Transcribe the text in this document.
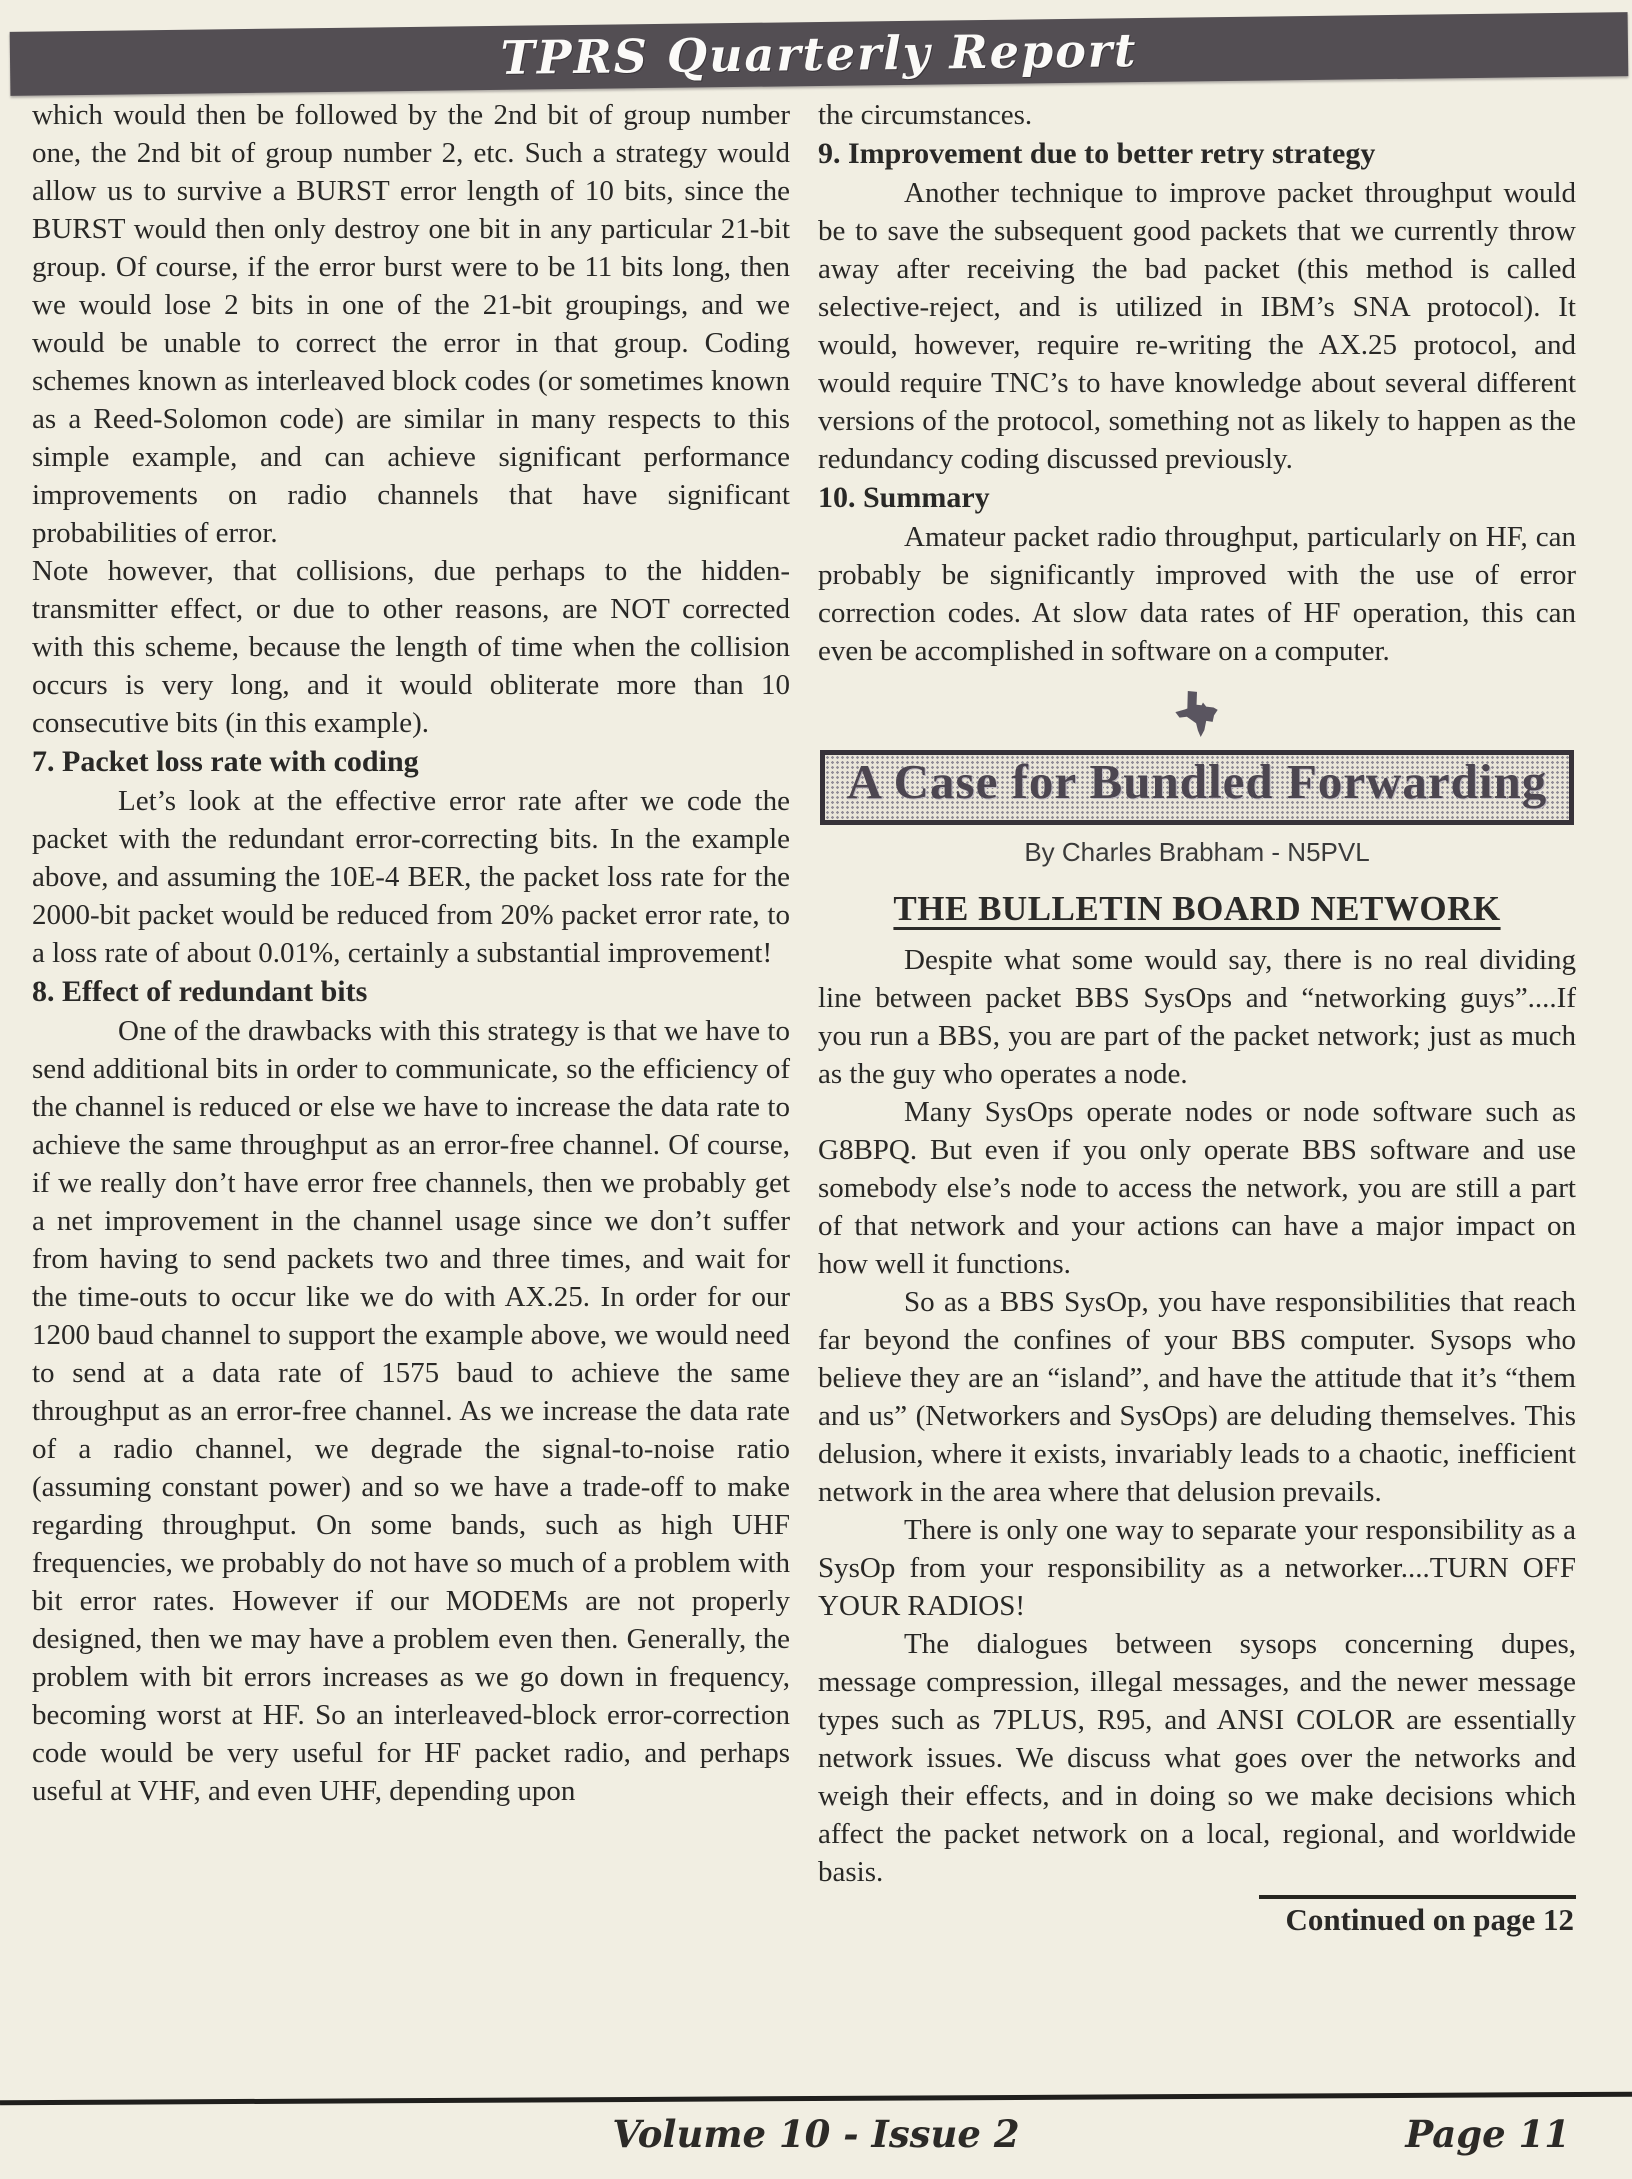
TPRS Quarterly Report

which would then be followed by the 2nd bit of group number one, the 2nd bit of group number 2, etc. Such a strategy would allow us to survive a BURST error length of 10 bits, since the BURST would then only destroy one bit in any particular 21-bit group. Of course, if the error burst were to be 11 bits long, then we would lose 2 bits in one of the 21-bit groupings, and we would be unable to correct the error in that group. Coding schemes known as interleaved block codes (or sometimes known as a Reed-Solomon code) are similar in many respects to this simple example, and can achieve significant performance improvements on radio channels that have significant probabilities of error.

Note however, that collisions, due perhaps to the hidden-transmitter effect, or due to other reasons, are NOT corrected with this scheme, because the length of time when the collision occurs is very long, and it would obliterate more than 10 consecutive bits (in this example).

7. Packet loss rate with coding

Let’s look at the effective error rate after we code the packet with the redundant error-correcting bits. In the example above, and assuming the 10E-4 BER, the packet loss rate for the 2000-bit packet would be reduced from 20% packet error rate, to a loss rate of about 0.01%, certainly a substantial improvement!

8. Effect of redundant bits

One of the drawbacks with this strategy is that we have to send additional bits in order to communicate, so the efficiency of the channel is reduced or else we have to increase the data rate to achieve the same throughput as an error-free channel. Of course, if we really don’t have error free channels, then we probably get a net improvement in the channel usage since we don’t suffer from having to send packets two and three times, and wait for the time-outs to occur like we do with AX.25. In order for our 1200 baud channel to support the example above, we would need to send at a data rate of 1575 baud to achieve the same throughput as an error-free channel. As we increase the data rate of a radio channel, we degrade the signal-to-noise ratio (assuming constant power) and so we have a trade-off to make regarding throughput. On some bands, such as high UHF frequencies, we probably do not have so much of a problem with bit error rates. However if our MODEMs are not properly designed, then we may have a problem even then. Generally, the problem with bit errors increases as we go down in frequency, becoming worst at HF. So an interleaved-block error-correction code would be very useful for HF packet radio, and perhaps useful at VHF, and even UHF, depending upon

the circumstances.

9. Improvement due to better retry strategy

Another technique to improve packet throughput would be to save the subsequent good packets that we currently throw away after receiving the bad packet (this method is called selective-reject, and is utilized in IBM’s SNA protocol). It would, however, require re-writing the AX.25 protocol, and would require TNC’s to have knowledge about several different versions of the protocol, something not as likely to happen as the redundancy coding discussed previously.

10. Summary

Amateur packet radio throughput, particularly on HF, can probably be significantly improved with the use of error correction codes. At slow data rates of HF operation, this can even be accomplished in software on a computer.

A Case for Bundled Forwarding
By Charles Brabham - N5PVL
THE BULLETIN BOARD NETWORK

Despite what some would say, there is no real dividing line between packet BBS SysOps and “networking guys”....If you run a BBS, you are part of the packet network; just as much as the guy who operates a node.

Many SysOps operate nodes or node software such as G8BPQ. But even if you only operate BBS software and use somebody else’s node to access the network, you are still a part of that network and your actions can have a major impact on how well it functions.

So as a BBS SysOp, you have responsibilities that reach far beyond the confines of your BBS computer. Sysops who believe they are an “island”, and have the attitude that it’s “them and us” (Networkers and SysOps) are deluding themselves. This delusion, where it exists, invariably leads to a chaotic, inefficient network in the area where that delusion prevails.

There is only one way to separate your responsibility as a SysOp from your responsibility as a networker....TURN OFF YOUR RADIOS!

The dialogues between sysops concerning dupes, message compression, illegal messages, and the newer message types such as 7PLUS, R95, and ANSI COLOR are essentially network issues. We discuss what goes over the networks and weigh their effects, and in doing so we make decisions which affect the packet network on a local, regional, and worldwide basis.

Continued on page 12
Volume 10 - Issue 2	Page 11
